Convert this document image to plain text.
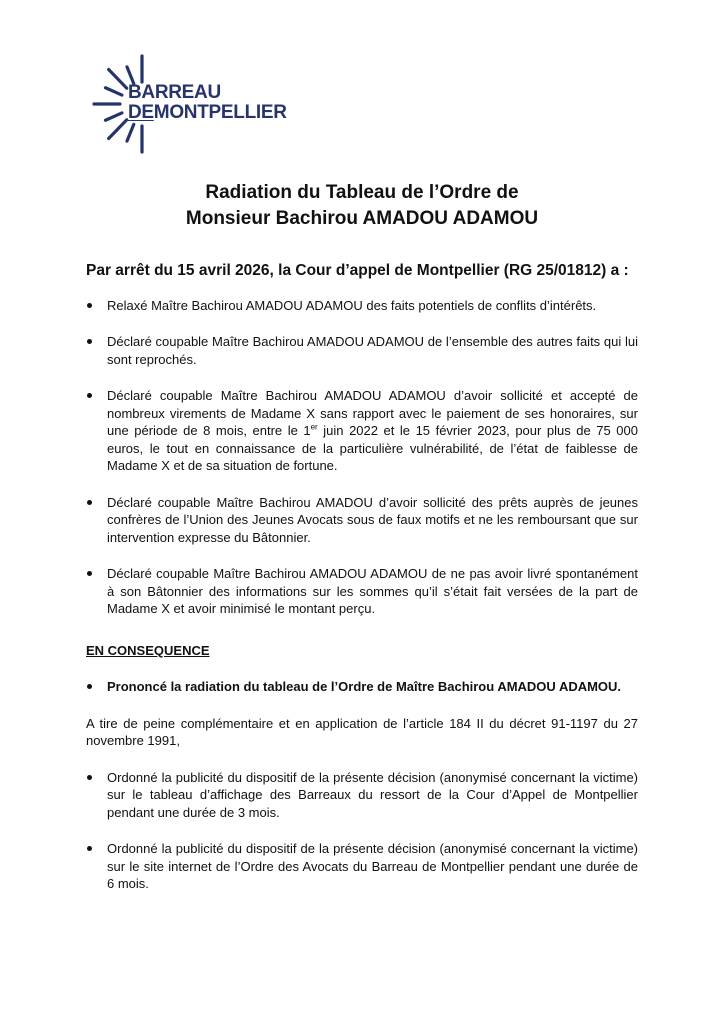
BARREAU
DEMONTPELLIER
Radiation du Tableau de l’Ordre de
Monsieur Bachirou AMADOU ADAMOU
Par arrêt du 15 avril 2026, la Cour d’appel de Montpellier (RG 25/01812) a :
Relaxé Maître Bachirou AMADOU ADAMOU des faits potentiels de conflits d’intérêts.
Déclaré coupable Maître Bachirou AMADOU ADAMOU de l’ensemble des autres faits qui lui sont reprochés.
Déclaré coupable Maître Bachirou AMADOU ADAMOU d’avoir sollicité et accepté de nombreux virements de Madame X sans rapport avec le paiement de ses honoraires, sur une période de 8 mois, entre le 1er juin 2022 et le 15 février 2023, pour plus de 75 000 euros, le tout en connaissance de la particulière vulnérabilité, de l’état de faiblesse de Madame X et de sa situation de fortune.
Déclaré coupable Maître Bachirou AMADOU d’avoir sollicité des prêts auprès de jeunes confrères de l’Union des Jeunes Avocats sous de faux motifs et ne les remboursant que sur intervention expresse du Bâtonnier.
Déclaré coupable Maître Bachirou AMADOU ADAMOU de ne pas avoir livré spontanément à son Bâtonnier des informations sur les sommes qu’il s’était fait versées de la part de Madame X et avoir minimisé le montant perçu.
EN CONSEQUENCE
Prononcé la radiation du tableau de l’Ordre de Maître Bachirou AMADOU ADAMOU.
A tire de peine complémentaire et en application de l’article 184 II du décret 91-1197 du 27 novembre 1991,
Ordonné la publicité du dispositif de la présente décision (anonymisé concernant la victime) sur le tableau d’affichage des Barreaux du ressort de la Cour d’Appel de Montpellier pendant une durée de 3 mois.
Ordonné la publicité du dispositif de la présente décision (anonymisé concernant la victime) sur le site internet de l’Ordre des Avocats du Barreau de Montpellier pendant une durée de 6 mois.
